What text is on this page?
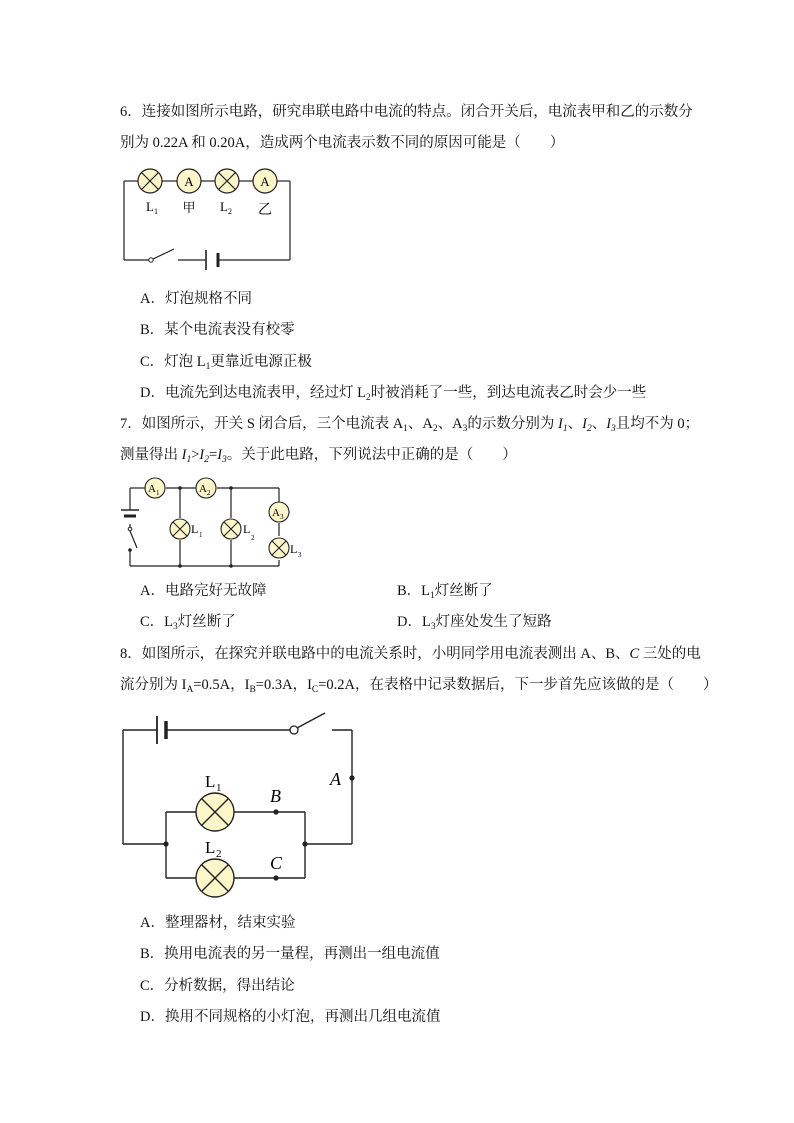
6．连接如图所示电路，研究串联电路中电流的特点。闭合开关后，电流表甲和乙的示数分
别为 0.22A 和 0.20A，造成两个电流表示数不同的原因可能是（　　）
A	A
L 1 甲 L 2 乙
A．灯泡规格不同
B．某个电流表没有校零
C．灯泡 $L_1$更靠近电源正极
D．电流先到达电流表甲，经过灯 $L_2$时被消耗了一些，到达电流表乙时会少一些
7．如图所示，开关 S 闭合后，三个电流表 $A_1$、$A_2$、$A_3$的示数分别为 $I_1$、$I_2$、$I_3$且均不为 0；
测量得出 $I_1>I_2=I_3$。关于此电路，下列说法中正确的是（　　）
A 1	A 2
A 3
L 1	L
2
L 3
A．电路完好无故障	B．$L_1$灯丝断了
C．$L_3$灯丝断了	D．$L_3$灯座处发生了短路
8．如图所示，在探究并联电路中的电流关系时，小明同学用电流表测出 A、B、C 三处的电
流分别为 $I_A=0.5A$，$I_B=0.3A$，$I_C=0.2A$，在表格中记录数据后，下一步首先应该做的是（　　）
L 1
L 2
A
B
C
A．整理器材，结束实验
B．换用电流表的另一量程，再测出一组电流值
C．分析数据，得出结论
D．换用不同规格的小灯泡，再测出几组电流值
